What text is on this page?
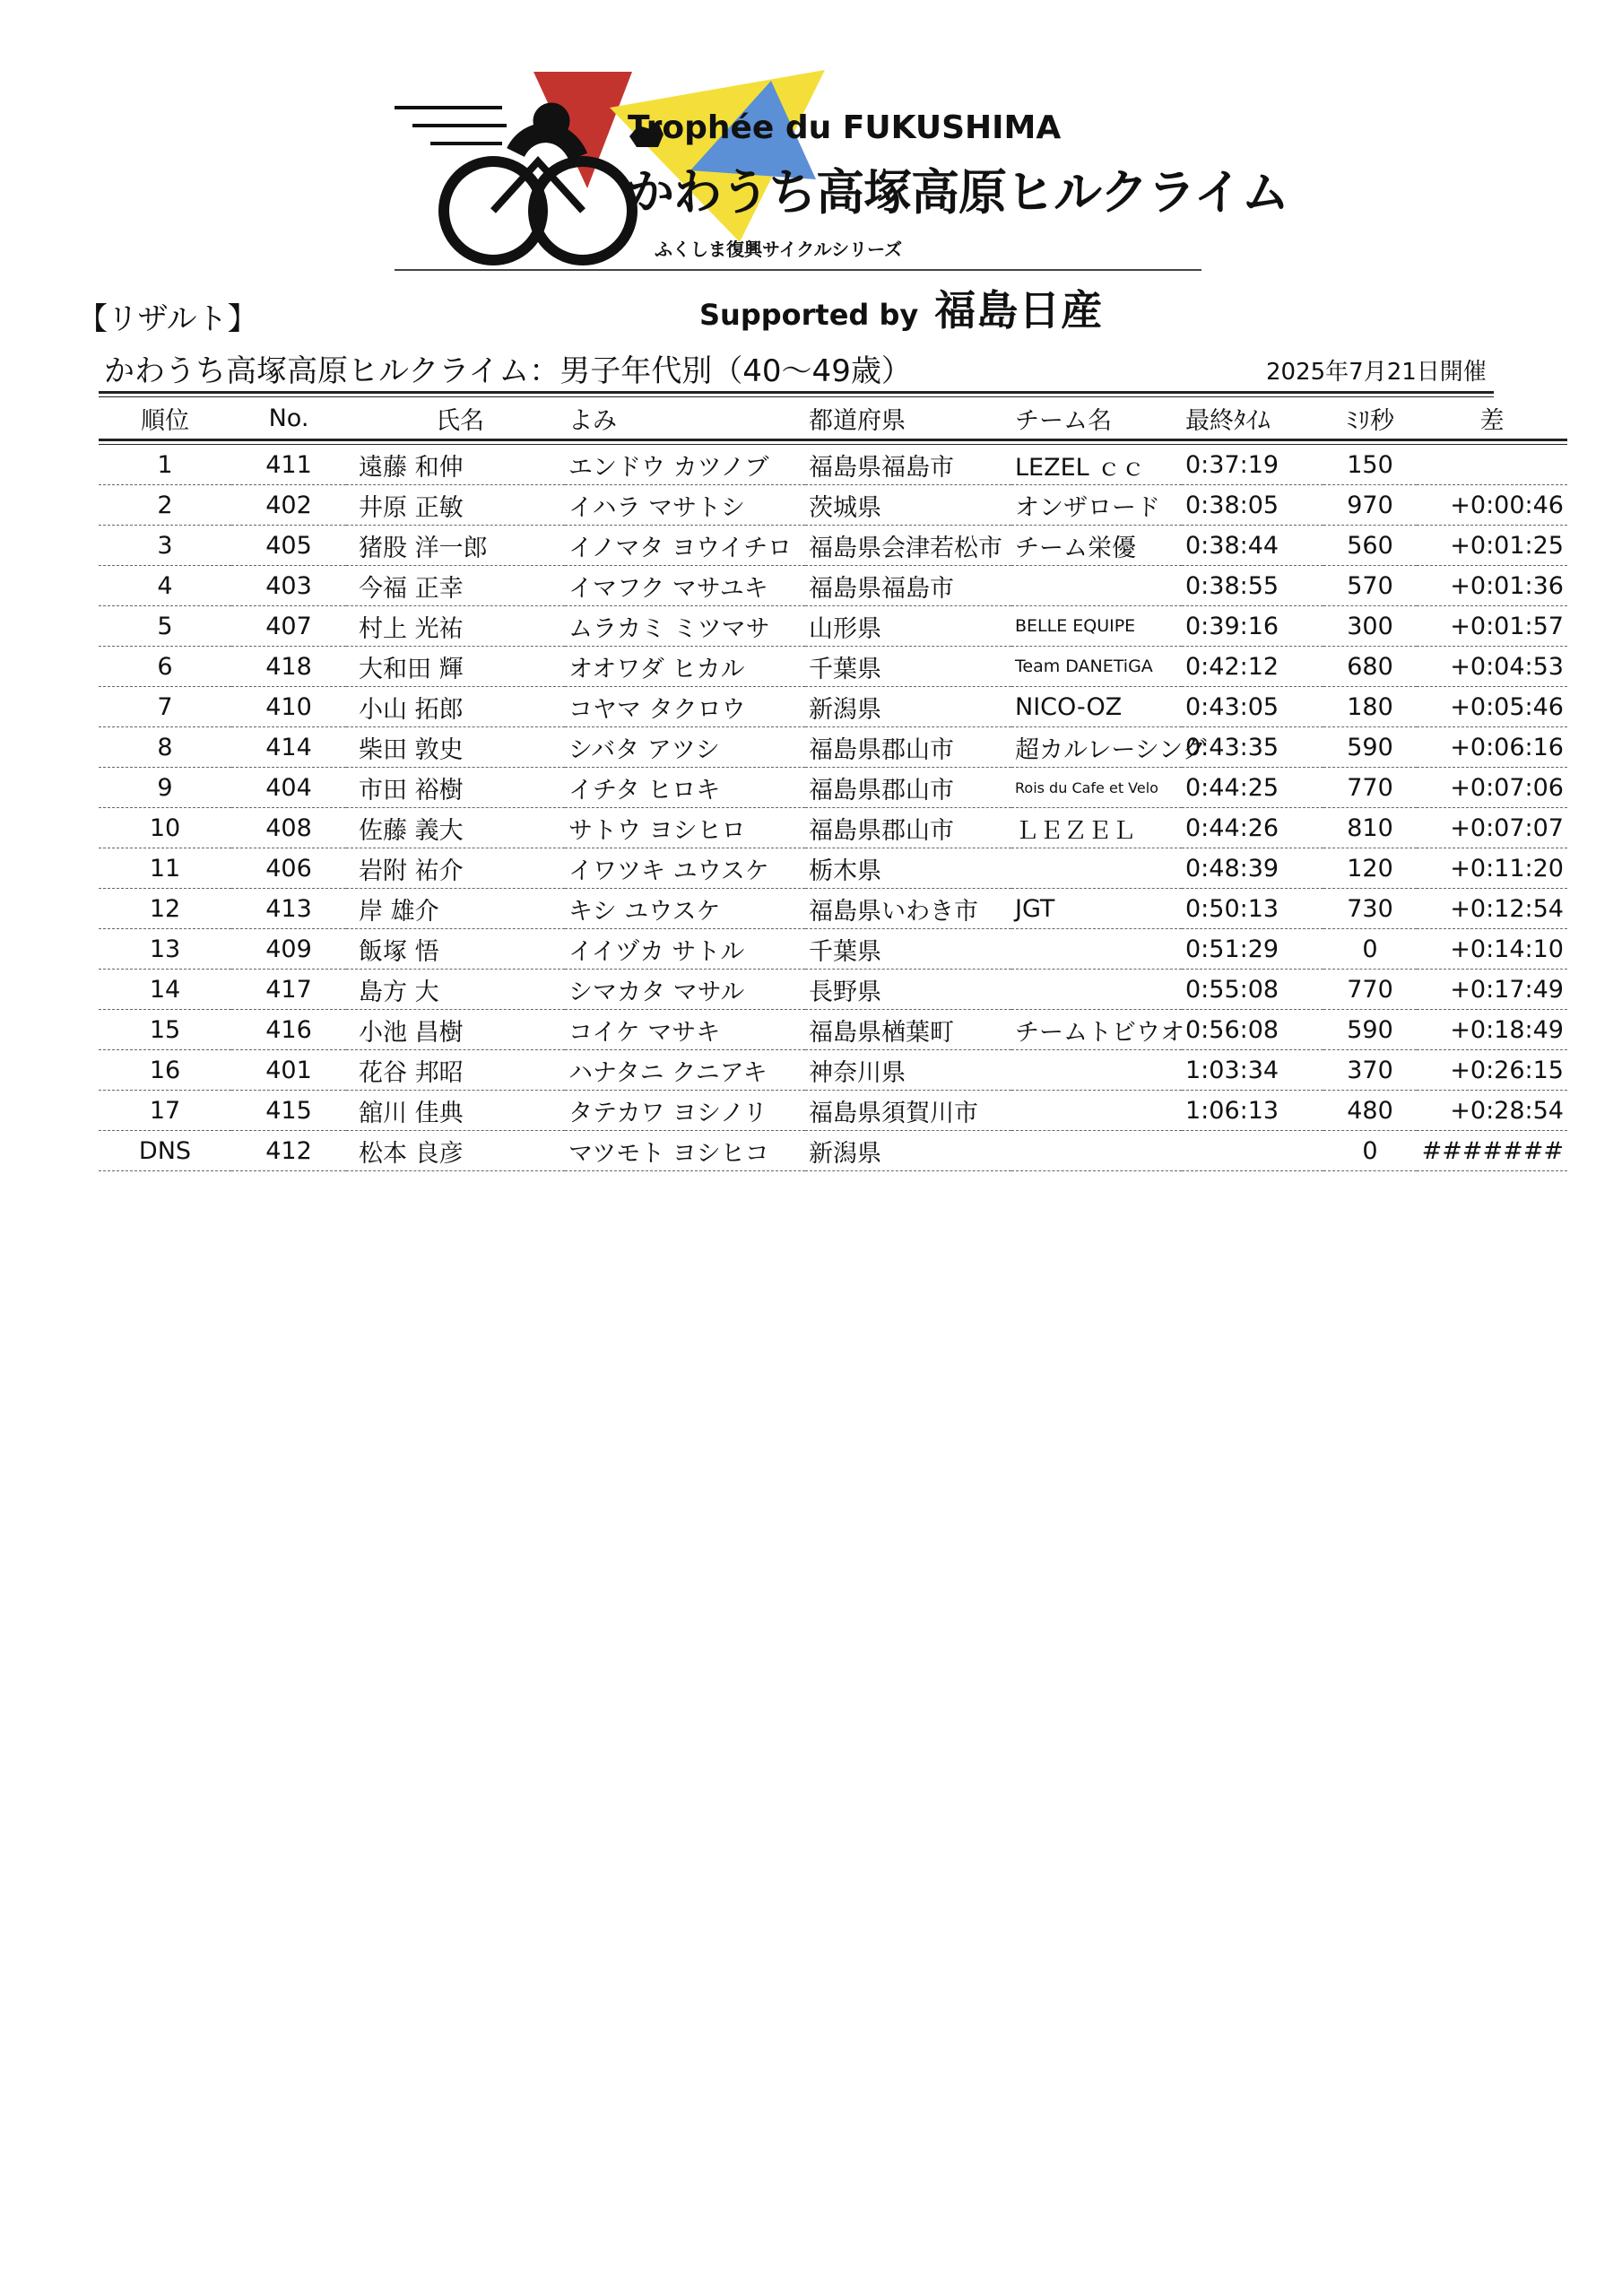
Trophée du FUKUSHIMA
かわうち高塚高原ヒルクライム
ふくしま復興サイクルシリーズ
Supported by 福島日産
【リザルト】
かわうち高塚高原ヒルクライム：男子年代別（40〜49歳）	2025年7月21日開催
順位	No.	氏名	よみ	都道府県	チーム名	最終ﾀｲﾑ	ﾐﾘ秒	差

1	411	遠藤 和伸	エンドウ カツノブ	福島県福島市	LEZEL ｃｃ	0:37:19	150	
2	402	井原 正敏	イハラ マサトシ	茨城県	オンザロード	0:38:05	970	+0:00:46
3	405	猪股 洋一郎	イノマタ ヨウイチロ	福島県会津若松市	チーム栄優	0:38:44	560	+0:01:25
4	403	今福 正幸	イマフク マサユキ	福島県福島市		0:38:55	570	+0:01:36
5	407	村上 光祐	ムラカミ ミツマサ	山形県	BELLE EQUIPE	0:39:16	300	+0:01:57
6	418	大和田 輝	オオワダ ヒカル	千葉県	Team DANETiGA	0:42:12	680	+0:04:53
7	410	小山 拓郎	コヤマ タクロウ	新潟県	NICO-OZ	0:43:05	180	+0:05:46
8	414	柴田 敦史	シバタ アツシ	福島県郡山市	超カルレーシング	0:43:35	590	+0:06:16
9	404	市田 裕樹	イチタ ヒロキ	福島県郡山市	Rois du Cafe et Velo	0:44:25	770	+0:07:06
10	408	佐藤 義大	サトウ ヨシヒロ	福島県郡山市	ＬＥＺＥＬ	0:44:26	810	+0:07:07
11	406	岩附 祐介	イワツキ ユウスケ	栃木県		0:48:39	120	+0:11:20
12	413	岸 雄介	キシ ユウスケ	福島県いわき市	JGT	0:50:13	730	+0:12:54
13	409	飯塚 悟	イイヅカ サトル	千葉県		0:51:29	0	+0:14:10
14	417	島方 大	シマカタ マサル	長野県		0:55:08	770	+0:17:49
15	416	小池 昌樹	コイケ マサキ	福島県楢葉町	チームトビウオ	0:56:08	590	+0:18:49
16	401	花谷 邦昭	ハナタニ クニアキ	神奈川県		1:03:34	370	+0:26:15
17	415	舘川 佳典	タテカワ ヨシノリ	福島県須賀川市		1:06:13	480	+0:28:54
DNS	412	松本 良彦	マツモト ヨシヒコ	新潟県			0	#######
